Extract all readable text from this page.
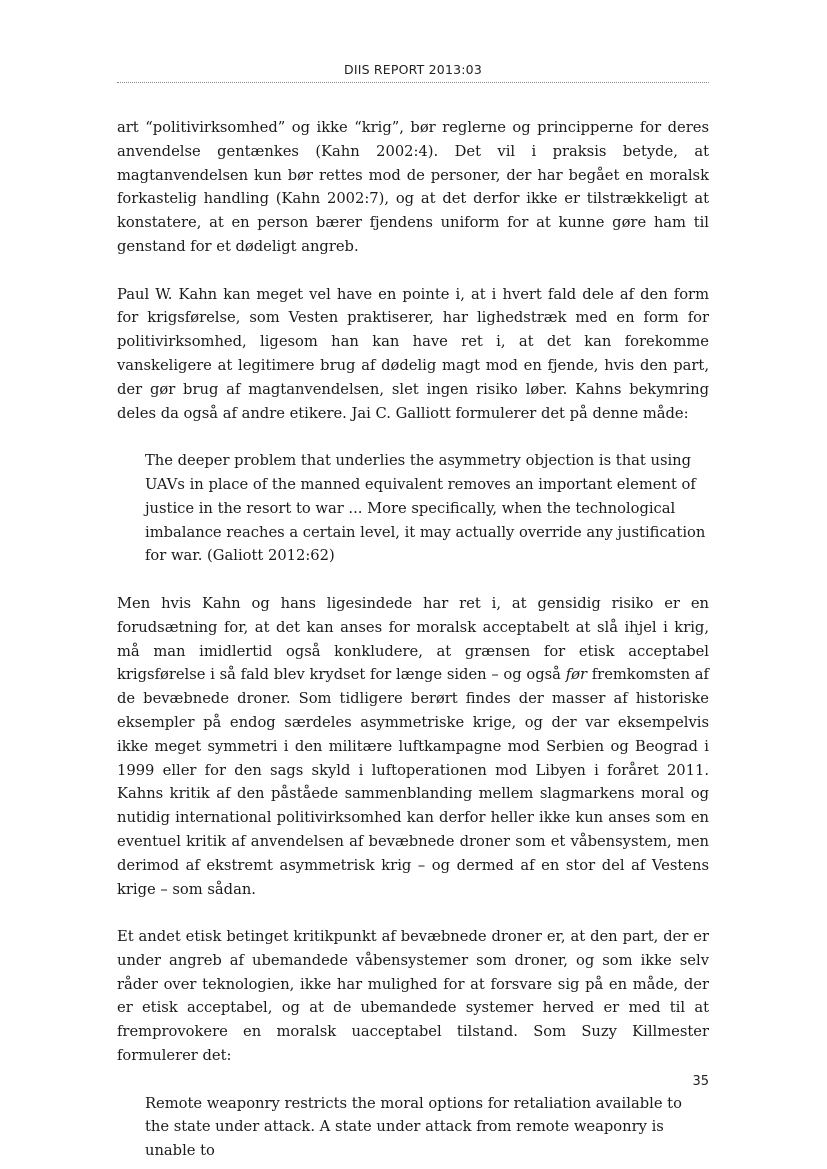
DIIS REPORT 2013:03

art “politivirksomhed” og ikke “krig”, bør reglerne og principperne for deres anvendelse gentænkes (Kahn 2002:4). Det vil i praksis betyde, at magtanvendelsen kun bør rettes mod de personer, der har begået en moralsk forkastelig handling (Kahn 2002:7), og at det derfor ikke er tilstrækkeligt at konstatere, at en person bærer fjendens uniform for at kunne gøre ham til genstand for et dødeligt angreb.

Paul W. Kahn kan meget vel have en pointe i, at i hvert fald dele af den form for krigsførelse, som Vesten praktiserer, har lighedstræk med en form for politivirksomhed, ligesom han kan have ret i, at det kan forekomme vanskeligere at legitimere brug af dødelig magt mod en fjende, hvis den part, der gør brug af magtanvendelsen, slet ingen risiko løber. Kahns bekymring deles da også af andre etikere. Jai C. Galliott formulerer det på denne måde:

The deeper problem that underlies the asymmetry objection is that using UAVs in place of the manned equivalent removes an important element of justice in the resort to war ... More specifically, when the technological imbalance reaches a certain level, it may actually override any justification for war. (Galiott 2012:62)

Men hvis Kahn og hans ligesindede har ret i, at gensidig risiko er en forudsætning for, at det kan anses for moralsk acceptabelt at slå ihjel i krig, må man imidlertid også konkludere, at grænsen for etisk acceptabel krigsførelse i så fald blev krydset for længe siden – og også før fremkomsten af de bevæbnede droner. Som tidligere berørt findes der masser af historiske eksempler på endog særdeles asymmetriske krige, og der var eksempelvis ikke meget symmetri i den militære luftkampagne mod Serbien og Beograd i 1999 eller for den sags skyld i luftoperationen mod Libyen i foråret 2011. Kahns kritik af den påståede sammenblanding mellem slagmarkens moral og nutidig international politivirksomhed kan derfor heller ikke kun anses som en eventuel kritik af anvendelsen af bevæbnede droner som et våbensystem, men derimod af ekstremt asymmetrisk krig – og dermed af en stor del af Vestens krige – som sådan.

Et andet etisk betinget kritikpunkt af bevæbnede droner er, at den part, der er under angreb af ubemandede våbensystemer som droner, og som ikke selv råder over teknologien, ikke har mulighed for at forsvare sig på en måde, der er etisk acceptabel, og at de ubemandede systemer herved er med til at fremprovokere en moralsk uacceptabel tilstand. Som Suzy Killmester formulerer det:

Remote weaponry restricts the moral options for retaliation available to the state under attack. A state under attack from remote weaponry is unable to

35
